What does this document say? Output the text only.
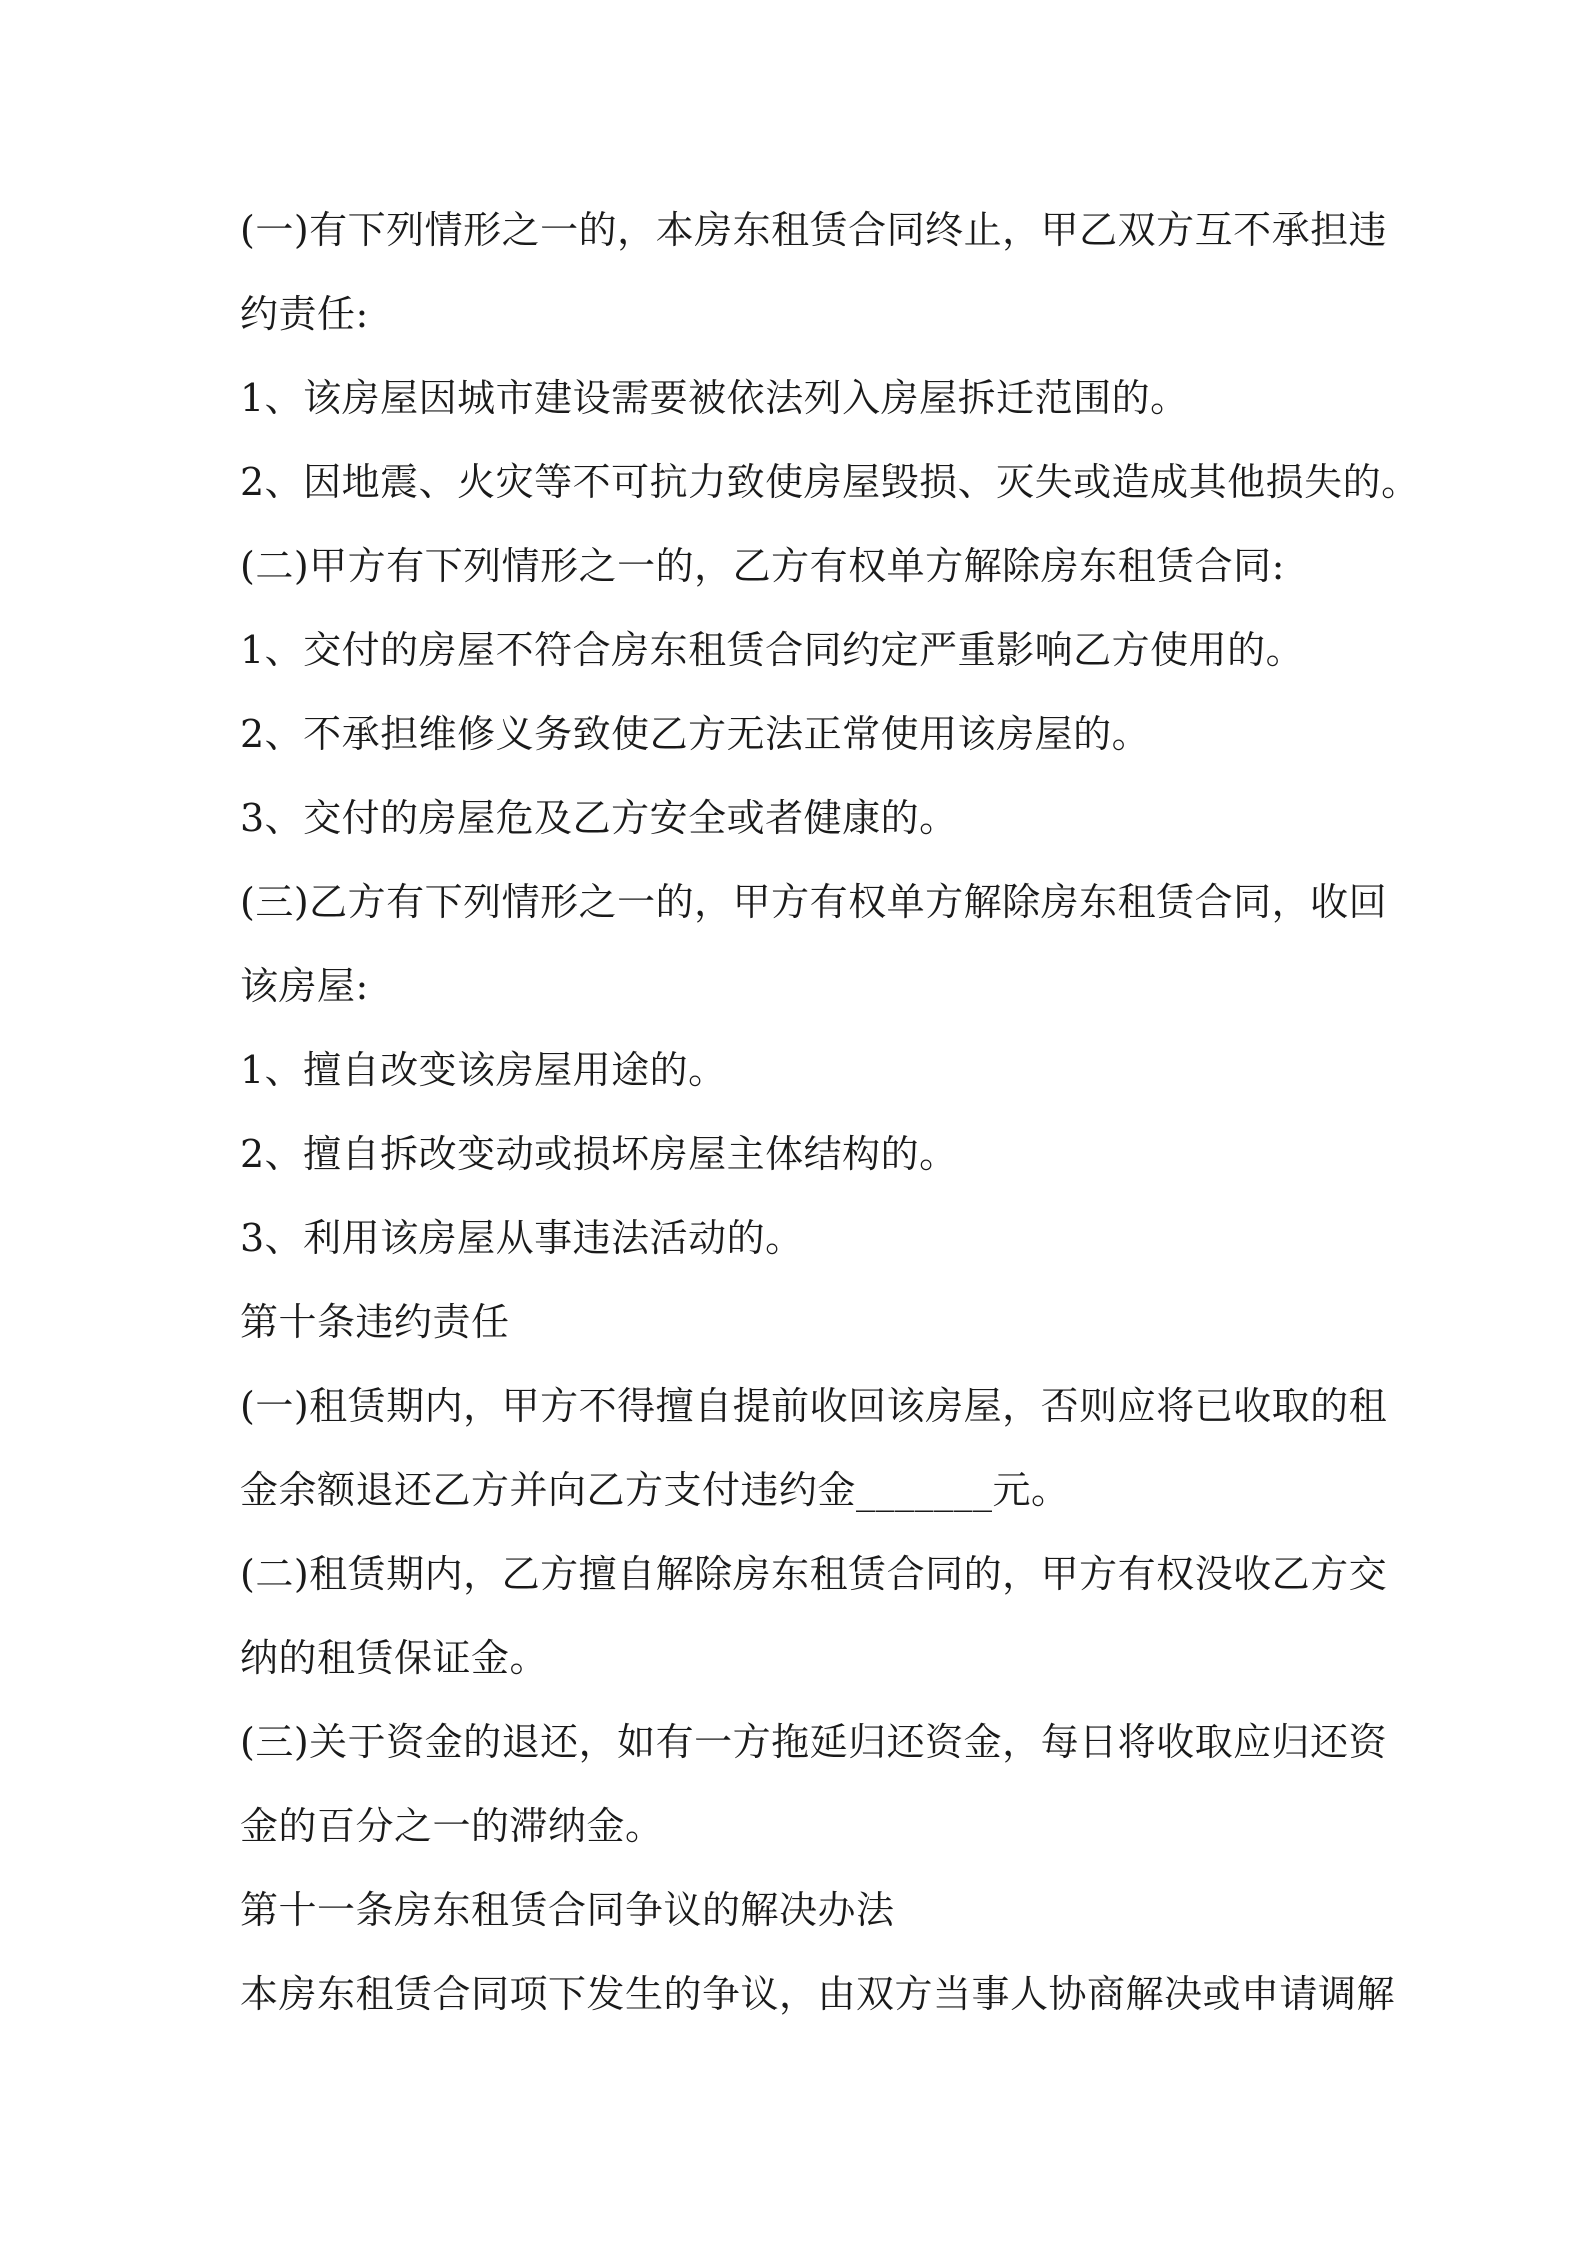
(一)有下列情形之一的，本房东租赁合同终止，甲乙双方互不承担违
约责任:
1、该房屋因城市建设需要被依法列入房屋拆迁范围的。
2、因地震、火灾等不可抗力致使房屋毁损、灭失或造成其他损失的。
(二)甲方有下列情形之一的，乙方有权单方解除房东租赁合同:
1、交付的房屋不符合房东租赁合同约定严重影响乙方使用的。
2、不承担维修义务致使乙方无法正常使用该房屋的。
3、交付的房屋危及乙方安全或者健康的。
(三)乙方有下列情形之一的，甲方有权单方解除房东租赁合同，收回
该房屋:
1、擅自改变该房屋用途的。
2、擅自拆改变动或损坏房屋主体结构的。
3、利用该房屋从事违法活动的。
第十条违约责任
(一)租赁期内，甲方不得擅自提前收回该房屋，否则应将已收取的租
金余额退还乙方并向乙方支付违约金_______元。
(二)租赁期内，乙方擅自解除房东租赁合同的，甲方有权没收乙方交
纳的租赁保证金。
(三)关于资金的退还，如有一方拖延归还资金，每日将收取应归还资
金的百分之一的滞纳金。
第十一条房东租赁合同争议的解决办法
本房东租赁合同项下发生的争议，由双方当事人协商解决或申请调解
